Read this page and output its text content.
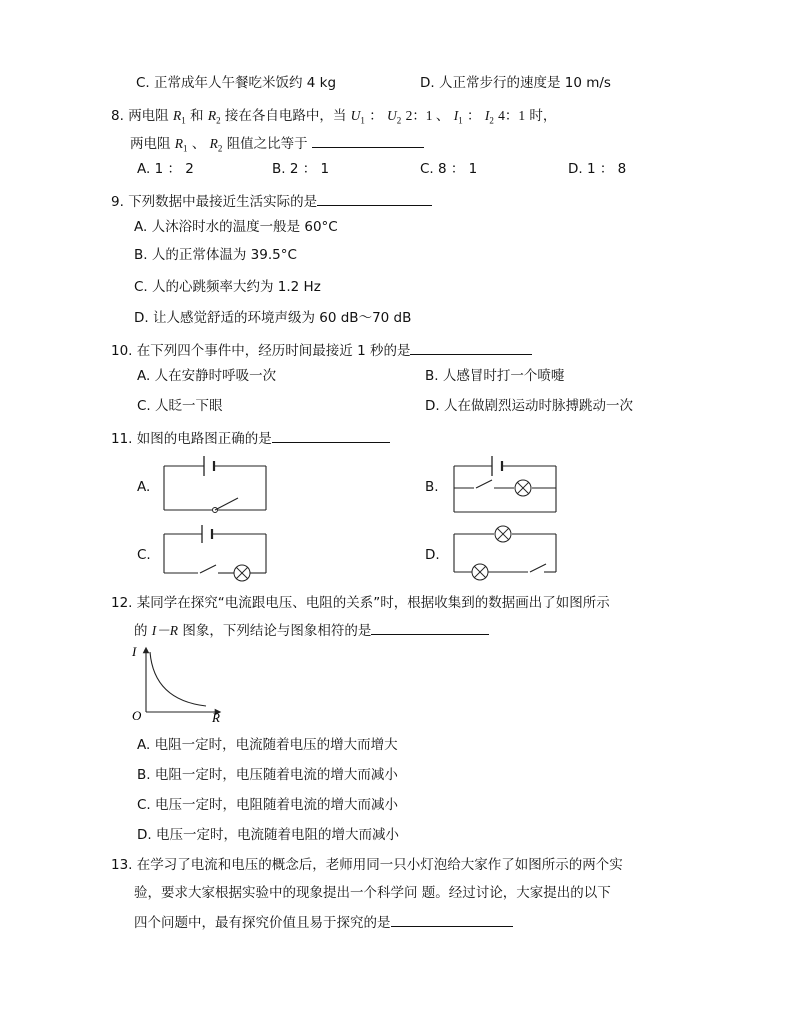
C. 正常成年人午餐吃米饭约 4 kg	D. 人正常步行的速度是 10 m/s
8. 两电阻 $R_1$ 和 $R_2$ 接在各自电路中，当 $U_1$ ： $U_2$ 2：1 、 $I_1$ ： $I_2$ 4：1 时，
两电阻 $R_1$ 、 $R_2$ 阻值之比等于
A. 1 ： 2	B. 2 ： 1	C. 8 ： 1	D. 1 ： 8
9. 下列数据中最接近生活实际的是
A. 人沐浴时水的温度一般是 60°C
B. 人的正常体温为 39.5°C
C. 人的心跳频率大约为 1.2 Hz
D. 让人感觉舒适的环境声级为 60 dB～70 dB
10. 在下列四个事件中，经历时间最接近 1 秒的是
A. 人在安静时呼吸一次	B. 人感冒时打一个喷嚏
C. 人眨一下眼	D. 人在做剧烈运动时脉搏跳动一次
11. 如图的电路图正确的是
A.	B.
C.	D.
12. 某同学在探究“电流跟电压、电阻的关系”时，根据收集到的数据画出了如图所示
的 I－R 图象，下列结论与图象相符的是
I
O	R
A. 电阻一定时，电流随着电压的增大而增大
B. 电阻一定时，电压随着电流的增大而减小
C. 电压一定时，电阻随着电流的增大而减小
D. 电压一定时，电流随着电阻的增大而减小
13. 在学习了电流和电压的概念后，老师用同一只小灯泡给大家作了如图所示的两个实
验，要求大家根据实验中的现象提出一个科学问 题。经过讨论，大家提出的以下
四个问题中，最有探究价值且易于探究的是
